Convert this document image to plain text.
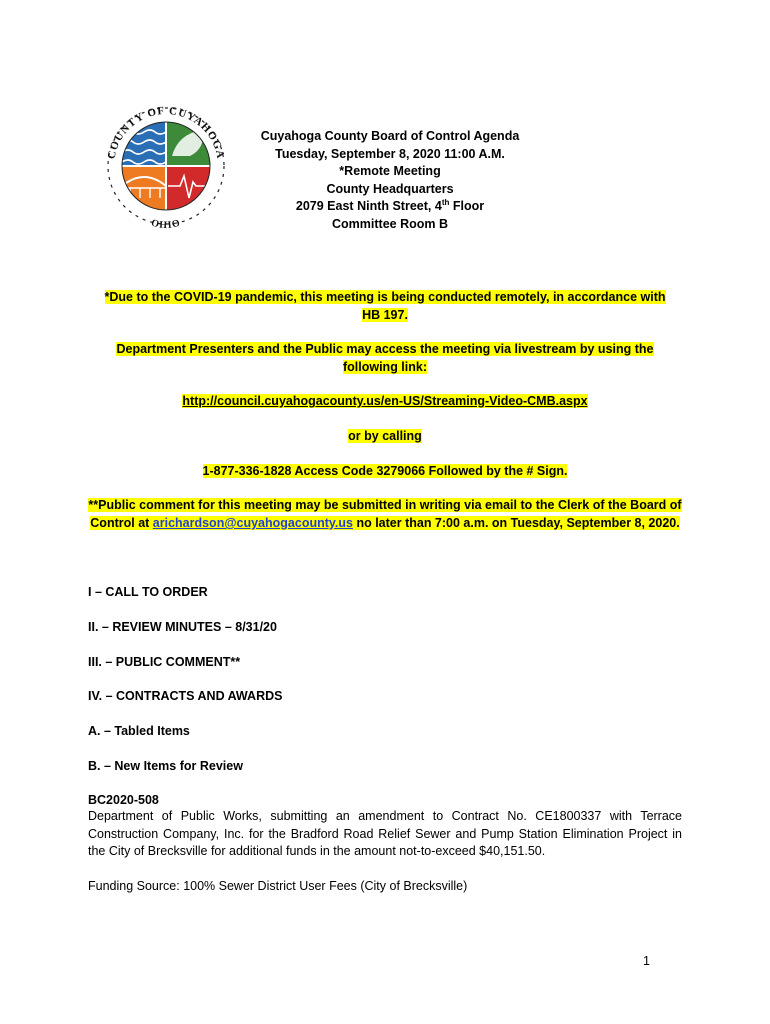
COUNTY OF CUYAHOGA
OHIO
Cuyahoga County Board of Control Agenda
Tuesday, September 8, 2020 11:00 A.M.
*Remote Meeting
County Headquarters
2079 East Ninth Street, 4th Floor
Committee Room B
*Due to the COVID-19 pandemic, this meeting is being conducted remotely, in accordance with
HB 197.
Department Presenters and the Public may access the meeting via livestream by using the
following link:
http://council.cuyahogacounty.us/en-US/Streaming-Video-CMB.aspx
or by calling
1-877-336-1828 Access Code 3279066 Followed by the # Sign.
**Public comment for this meeting may be submitted in writing via email to the Clerk of the Board of
Control at arichardson@cuyahogacounty.us no later than 7:00 a.m. on Tuesday, September 8, 2020.
I – CALL TO ORDER
II. – REVIEW MINUTES – 8/31/20
III. – PUBLIC COMMENT**
IV. – CONTRACTS AND AWARDS
A. – Tabled Items
B. – New Items for Review
BC2020-508
Department of Public Works, submitting an amendment to Contract No. CE1800337 with Terrace Construction Company, Inc. for the Bradford Road Relief Sewer and Pump Station Elimination Project in the City of Brecksville for additional funds in the amount not-to-exceed $40,151.50.
Funding Source: 100% Sewer District User Fees (City of Brecksville)
1
